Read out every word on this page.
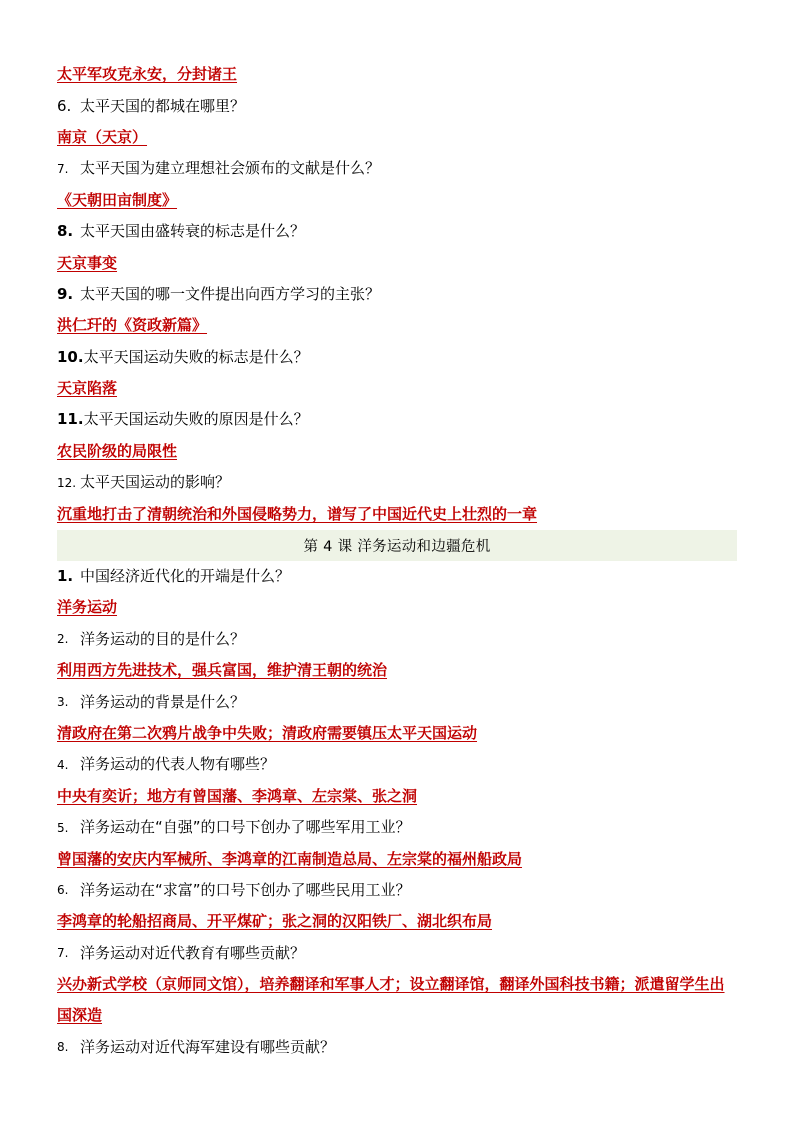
太平军攻克永安，分封诸王
6. 太平天国的都城在哪里？
南京（天京）
7. 太平天国为建立理想社会颁布的文献是什么？
《天朝田亩制度》
8. 太平天国由盛转衰的标志是什么？
天京事变
9. 太平天国的哪一文件提出向西方学习的主张？
洪仁玕的《资政新篇》
10. 太平天国运动失败的标志是什么？
天京陷落
11. 太平天国运动失败的原因是什么？
农民阶级的局限性
12. 太平天国运动的影响？
沉重地打击了清朝统治和外国侵略势力，谱写了中国近代史上壮烈的一章
第 4 课 洋务运动和边疆危机
1. 中国经济近代化的开端是什么？
洋务运动
2. 洋务运动的目的是什么？
利用西方先进技术，强兵富国，维护清王朝的统治
3. 洋务运动的背景是什么？
清政府在第二次鸦片战争中失败；清政府需要镇压太平天国运动
4. 洋务运动的代表人物有哪些？
中央有奕䜣；地方有曾国藩、李鸿章、左宗棠、张之洞
5. 洋务运动在“自强”的口号下创办了哪些军用工业？
曾国藩的安庆内军械所、李鸿章的江南制造总局、左宗棠的福州船政局
6. 洋务运动在“求富”的口号下创办了哪些民用工业？
李鸿章的轮船招商局、开平煤矿；张之洞的汉阳铁厂、湖北织布局
7. 洋务运动对近代教育有哪些贡献？
兴办新式学校（京师同文馆），培养翻译和军事人才；设立翻译馆，翻译外国科技书籍；派遣留学生出国深造
8. 洋务运动对近代海军建设有哪些贡献？
